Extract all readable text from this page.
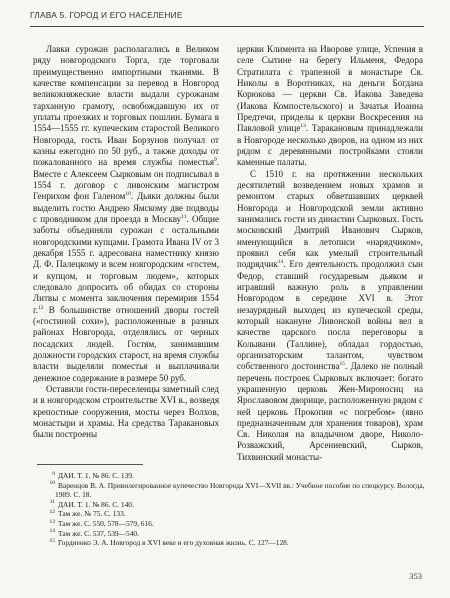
ГЛАВА 5. ГОРОД И ЕГО НАСЕЛЕНИЕ

Лавки сурожан располагались в Великом ряду новгородского Торга, где торговали преимущественно импортными тканями. В качестве компенсации за перевод в Новгород великокняжеские власти выдали сурожанам тарханную грамоту, освобождавшую их от уплаты проезжих и торговых пошлин. Бумага в 1554—1555 гг. купеческим старостой Великого Новгорода, гость Иван Борзунов получал от казны ежегодно по 50 руб., а также доходы от пожалованного на время службы поместья$^9$. Вместе с Алексеем Сырковым он подписывал в 1554 г. договор с ливонским магистром Генрихом фон Галеном$^{10}$. Дьяки должны были выделить гостю Андрею Ямскому две подводы с проводником для проезда в Москву$^{11}$. Общие заботы объединяли сурожан с остальными новгородскими купцами. Грамота Ивана IV от 3 декабря 1555 г. адресована наместнику князю Д. Ф. Палецкому и всем новгородским «гостем, и купцом, и торговым людем», которых следовало допросить об обидах со стороны Литвы с момента заключения перемирия 1554 г.$^{12}$ В большинстве отношений дворы гостей («гостиной сохи»), расположенные в разных районах Новгорода, отделялись от черных посадских людей. Гостям, занимавшим должности городских старост, на время службы власти выделяли поместья и выплачивали денежное содержание в размере 50 руб.

Оставили гости-переселенцы заметный след и в новгородском строительстве XVI в., возведя крепостные сооружения, мосты через Волхов, монастыри и храмы. На средства Таракановых были построены

церкви Климента на Иворове улице, Успения в селе Сытине на берегу Ильменя, Федора Стратилата с трапезной в монастыре Св. Николы в Воротниках, на деньги Богдана Корюкова — церкви Св. Иакова Заведева (Иакова Компостельского) и Зачатья Иоанна Предтечи, приделы к церкви Воскресения на Павловой улице$^{13}$. Таракановым принадлежали в Новгороде несколько дворов, на одном из них рядом с деревянными постройками стояли каменные палаты.

С 1510 г. на протяжении нескольких десятилетий возведением новых храмов и ремонтом старых обветшавших церквей Новгорода и Новгородской земли активно занимались гости из династии Сырковых. Гость московский Дмитрий Иванович Сырков, именующийся в летописи «нарядчиком», проявил себя как умелый строительный подрядчик$^{14}$. Его деятельность продолжил сын Федор, ставший государевым дьяком и игравший важную роль в управлении Новгородом в середине XVI в. Этот незаурядный выходец из купеческой среды, который накануне Ливонской войны вел в качестве царского посла переговоры в Колывани (Таллине), обладал гордостью, организаторским талантом, чувством собственного достоинства$^{15}$. Далеко не полный перечень построек Сырковых включает: богато украшенную церковь Жен-Мироносиц на Ярославовом дворище, расположенную рядом с ней церковь Прокопия «с погребом» (явно предназначенным для хранения товаров), храм Св. Николая на владычном дворе, Николо-Розважский, Арсениевский, Сырков, Тихвинский монасты-

9 ДАИ. Т. 1. № 86. С. 139.
10 Варенцов В. А. Привилегированное купечество Новгорода XVI—XVII вв.: Учебное пособие по спецкурсу. Вологда, 1989. С. 18.
11 ДАИ. Т. 1. № 86. С. 140.
12 Там же. № 75. С. 133.
13 Там же. С. 550, 578—579, 616.
14 Там же. С. 537, 539—540.
15 Гордиенко Э. А. Новгород в XVI веке и его духовная жизнь. С. 127—128.
353
